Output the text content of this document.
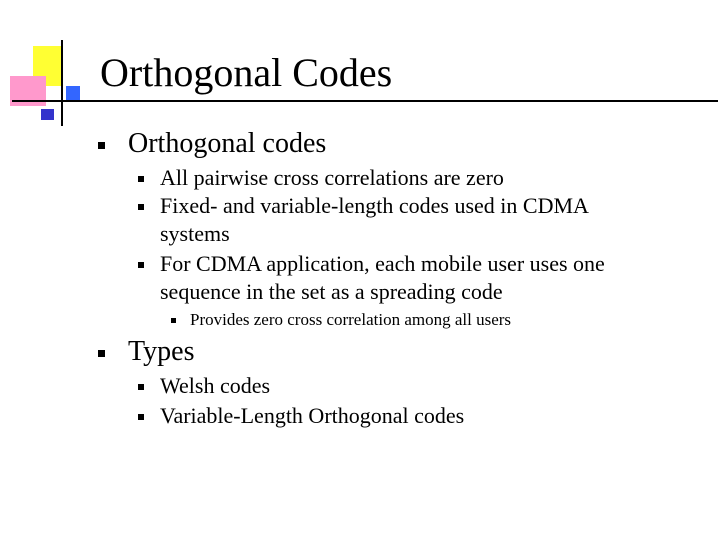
Orthogonal Codes
Orthogonal codes
All pairwise cross correlations are zero
Fixed- and variable-length codes used in CDMA
systems
For CDMA application, each mobile user uses one
sequence in the set as a spreading code
Provides zero cross correlation among all users
Types
Welsh codes
Variable-Length Orthogonal codes
